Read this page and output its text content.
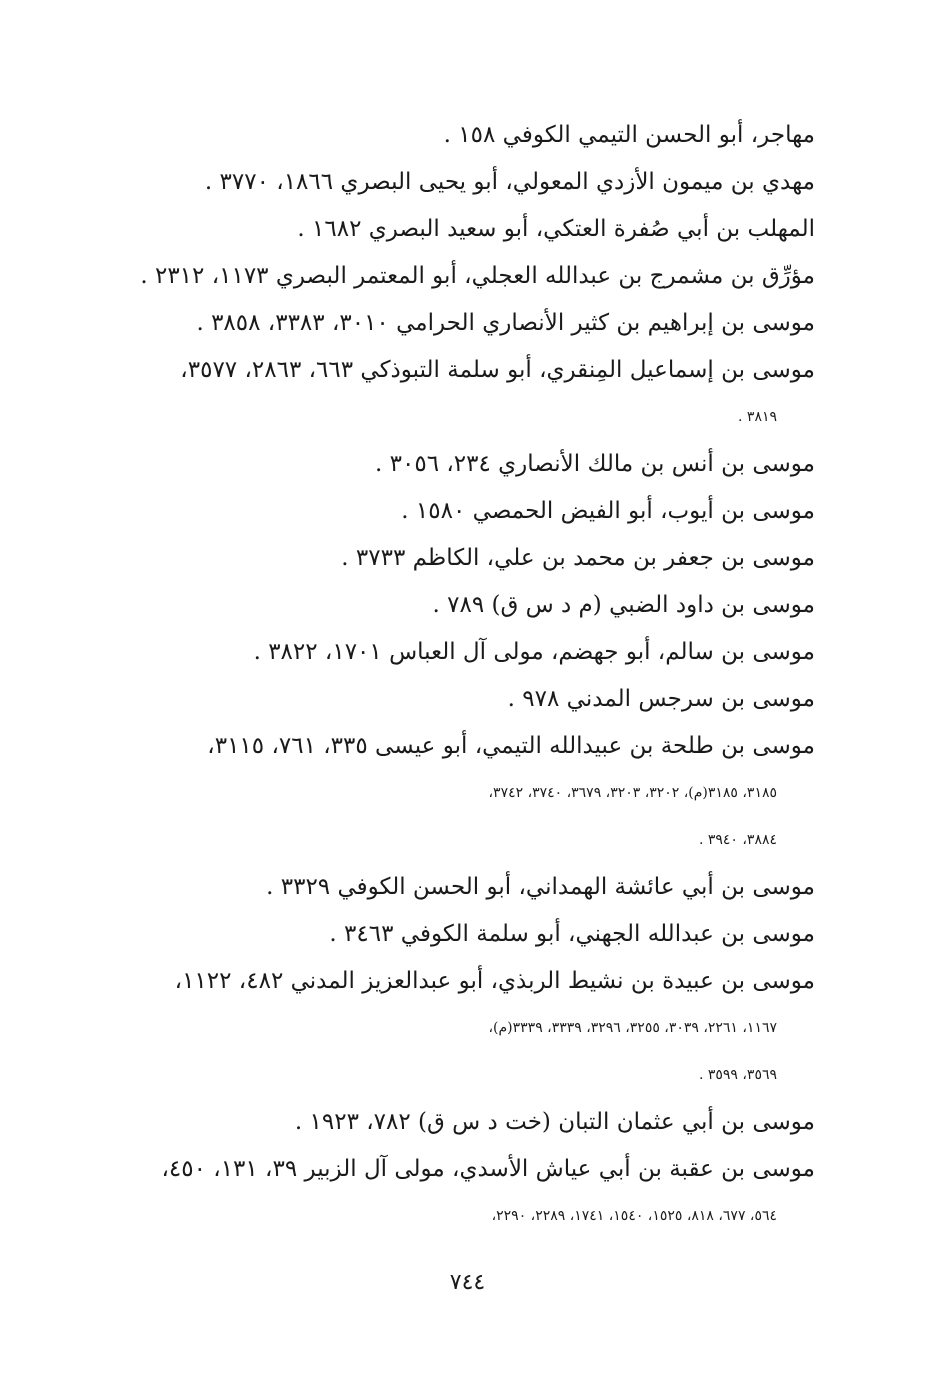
مهاجر، أبو الحسن التيمي الكوفي ١٥٨ .

مهدي بن ميمون الأزدي المعولي، أبو يحيى البصري ١٨٦٦، ٣٧٧٠ .

المهلب بن أبي صُفرة العتكي، أبو سعيد البصري ١٦٨٢ .

مؤرِّق بن مشمرج بن عبدالله العجلي، أبو المعتمر البصري ١١٧٣، ٢٣١٢ .

موسى بن إبراهيم بن كثير الأنصاري الحرامي ٣٠١٠، ٣٣٨٣، ٣٨٥٨ .

موسى بن إسماعيل المِنقري، أبو سلمة التبوذكي ٦٦٣، ٢٨٦٣، ٣٥٧٧،

٣٨١٩ .

موسى بن أنس بن مالك الأنصاري ٢٣٤، ٣٠٥٦ .

موسى بن أيوب، أبو الفيض الحمصي ١٥٨٠ .

موسى بن جعفر بن محمد بن علي، الكاظم ٣٧٣٣ .

موسى بن داود الضبي (م د س ق) ٧٨٩ .

موسى بن سالم، أبو جهضم، مولى آل العباس ١٧٠١، ٣٨٢٢ .

موسى بن سرجس المدني ٩٧٨ .

موسى بن طلحة بن عبيدالله التيمي، أبو عيسى ٣٣٥، ٧٦١، ٣١١٥،

٣١٨٥، ٣١٨٥(م)، ٣٢٠٢، ٣٢٠٣، ٣٦٧٩، ٣٧٤٠، ٣٧٤٢،

٣٨٨٤، ٣٩٤٠ .

موسى بن أبي عائشة الهمداني، أبو الحسن الكوفي ٣٣٢٩ .

موسى بن عبدالله الجهني، أبو سلمة الكوفي ٣٤٦٣ .

موسى بن عبيدة بن نشيط الربذي، أبو عبدالعزيز المدني ٤٨٢، ١١٢٢،

١١٦٧، ٢٢٦١، ٣٠٣٩، ٣٢٥٥، ٣٢٩٦، ٣٣٣٩، ٣٣٣٩(م)،

٣٥٦٩، ٣٥٩٩ .

موسى بن أبي عثمان التبان (خت د س ق) ٧٨٢، ١٩٢٣ .

موسى بن عقبة بن أبي عياش الأسدي، مولى آل الزبير ٣٩، ١٣١، ٤٥٠،

٥٦٤، ٦٧٧، ٨١٨، ١٥٢٥، ١٥٤٠، ١٧٤١، ٢٢٨٩، ٢٢٩٠،

٧٤٤
